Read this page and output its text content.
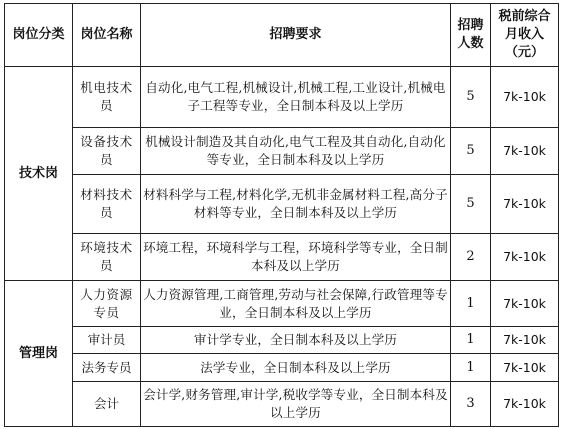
岗位分类	岗位名称	招聘要求	招聘人数	税前综合月收入（元）
技术岗	机电技术员	自动化,电气工程,机械设计,机械工程,工业设计,机械电子工程等专业，全日制本科及以上学历	5	7k-10k
	设备技术员	机械设计制造及其自动化,电气工程及其自动化,自动化等专业，全日制本科及以上学历	5	7k-10k
	材料技术员	材料科学与工程,材料化学,无机非金属材料工程,高分子材料等专业，全日制本科及以上学历	5	7k-10k
	环境技术员	环境工程，环境科学与工程，环境科学等专业，全日制本科及以上学历	2	7k-10k
管理岗	人力资源专员	人力资源管理,工商管理,劳动与社会保障,行政管理等专业，全日制本科及以上学历	1	7k-10k
	审计员	审计学专业，全日制本科及以上学历	1	7k-10k
	法务专员	法学专业，全日制本科及以上学历	1	7k-10k
	会计	会计学,财务管理,审计学,税收学等专业，全日制本科及以上学历	3	7k-10k
